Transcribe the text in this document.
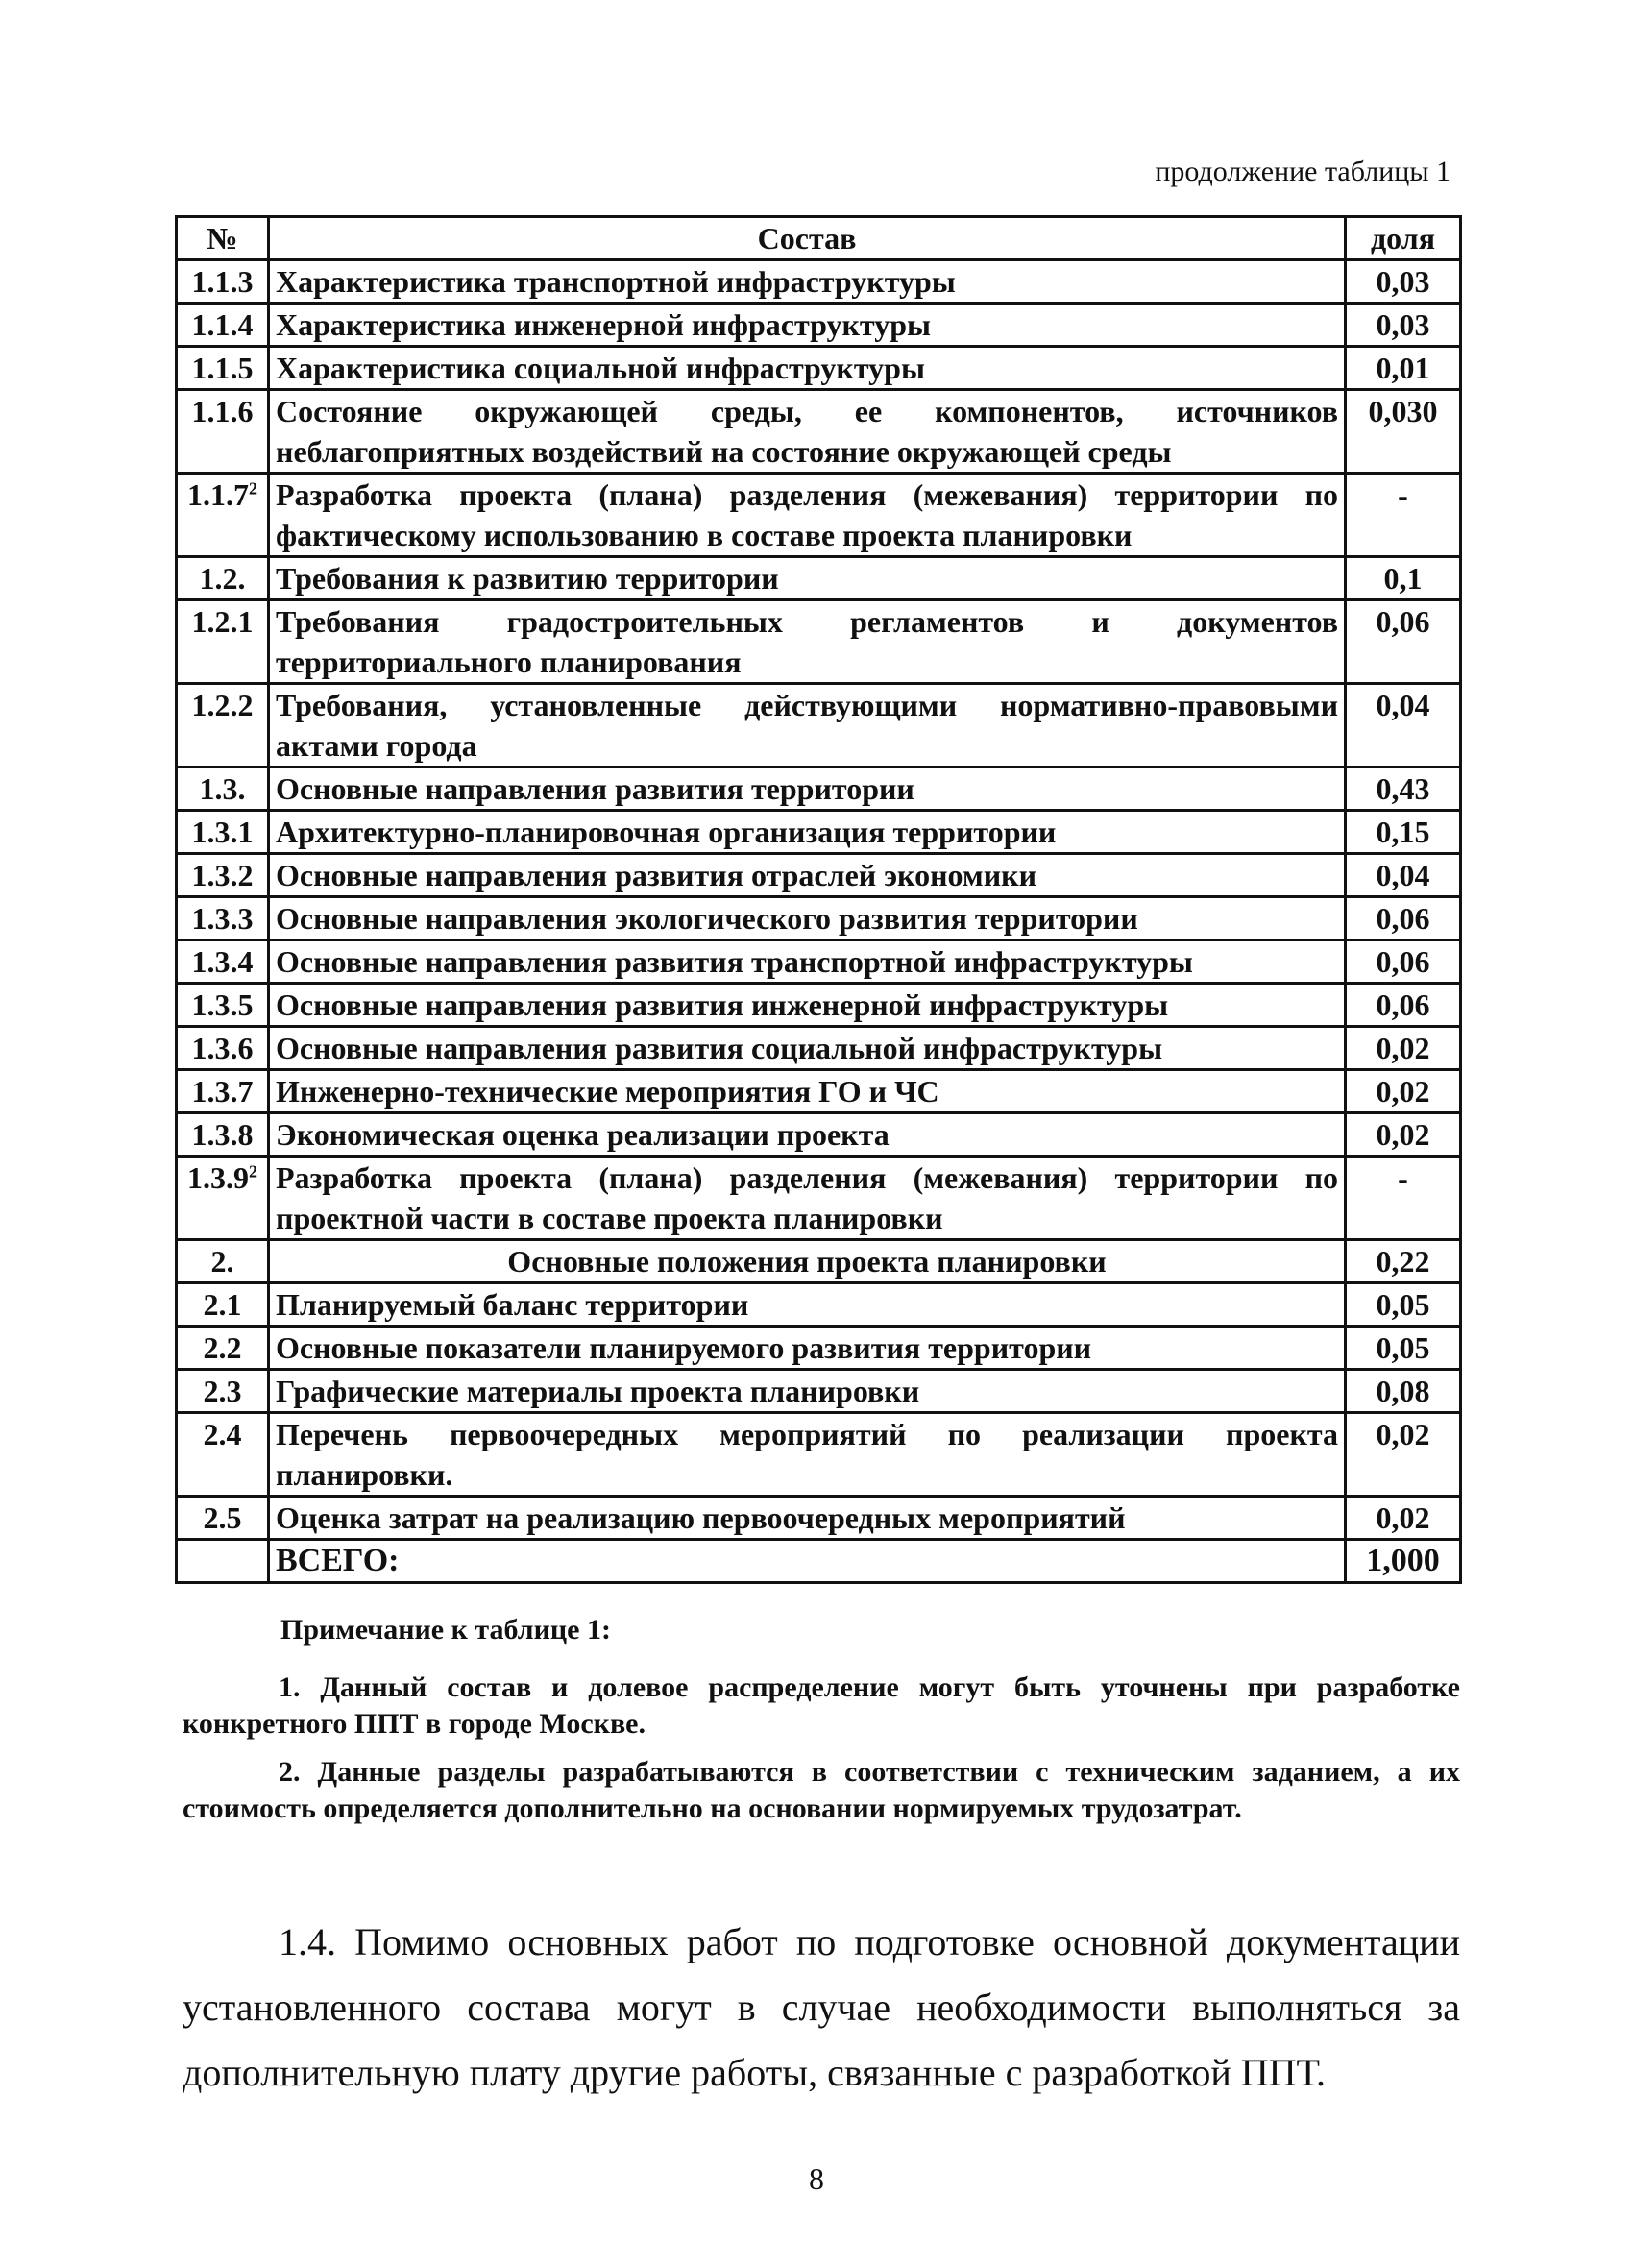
продолжение таблицы 1
№	Состав	доля
1.1.3	Характеристика транспортной инфраструктуры	0,03
1.1.4	Характеристика инженерной инфраструктуры	0,03
1.1.5	Характеристика социальной инфраструктуры	0,01
1.1.6	Состояние окружающей среды, ее компонентов, источников неблагоприятных воздействий на состояние окружающей среды	0,030
1.1.7$^2$	Разработка проекта (плана) разделения (межевания) территории по фактическому использованию в составе проекта планировки	-
1.2.	Требования к развитию территории	0,1
1.2.1	Требования градостроительных регламентов и документов территориального планирования	0,06
1.2.2	Требования, установленные действующими нормативно-правовыми актами города	0,04
1.3.	Основные направления развития территории	0,43
1.3.1	Архитектурно-планировочная организация территории	0,15
1.3.2	Основные направления развития отраслей экономики	0,04
1.3.3	Основные направления экологического развития территории	0,06
1.3.4	Основные направления развития транспортной инфраструктуры	0,06
1.3.5	Основные направления развития инженерной инфраструктуры	0,06
1.3.6	Основные направления развития социальной инфраструктуры	0,02
1.3.7	Инженерно-технические мероприятия ГО и ЧС	0,02
1.3.8	Экономическая оценка реализации проекта	0,02
1.3.9$^2$	Разработка проекта (плана) разделения (межевания) территории по проектной части в составе проекта планировки	-
2.	Основные положения проекта планировки	0,22
2.1	Планируемый баланс территории	0,05
2.2	Основные показатели планируемого развития территории	0,05
2.3	Графические материалы проекта планировки	0,08
2.4	Перечень первоочередных мероприятий по реализации проекта планировки.	0,02
2.5	Оценка затрат на реализацию первоочередных мероприятий	0,02
	ВСЕГО:	1,000
Примечание к таблице 1:
1. Данный состав и долевое распределение могут быть уточнены при разработке конкретного ППТ в городе Москве.
2. Данные разделы разрабатываются в соответствии с техническим заданием, а их стоимость определяется дополнительно на основании нормируемых трудозатрат.
1.4. Помимо основных работ по подготовке основной документации установленного состава могут в случае необходимости выполняться за дополнительную плату другие работы, связанные с разработкой ППТ.
8
